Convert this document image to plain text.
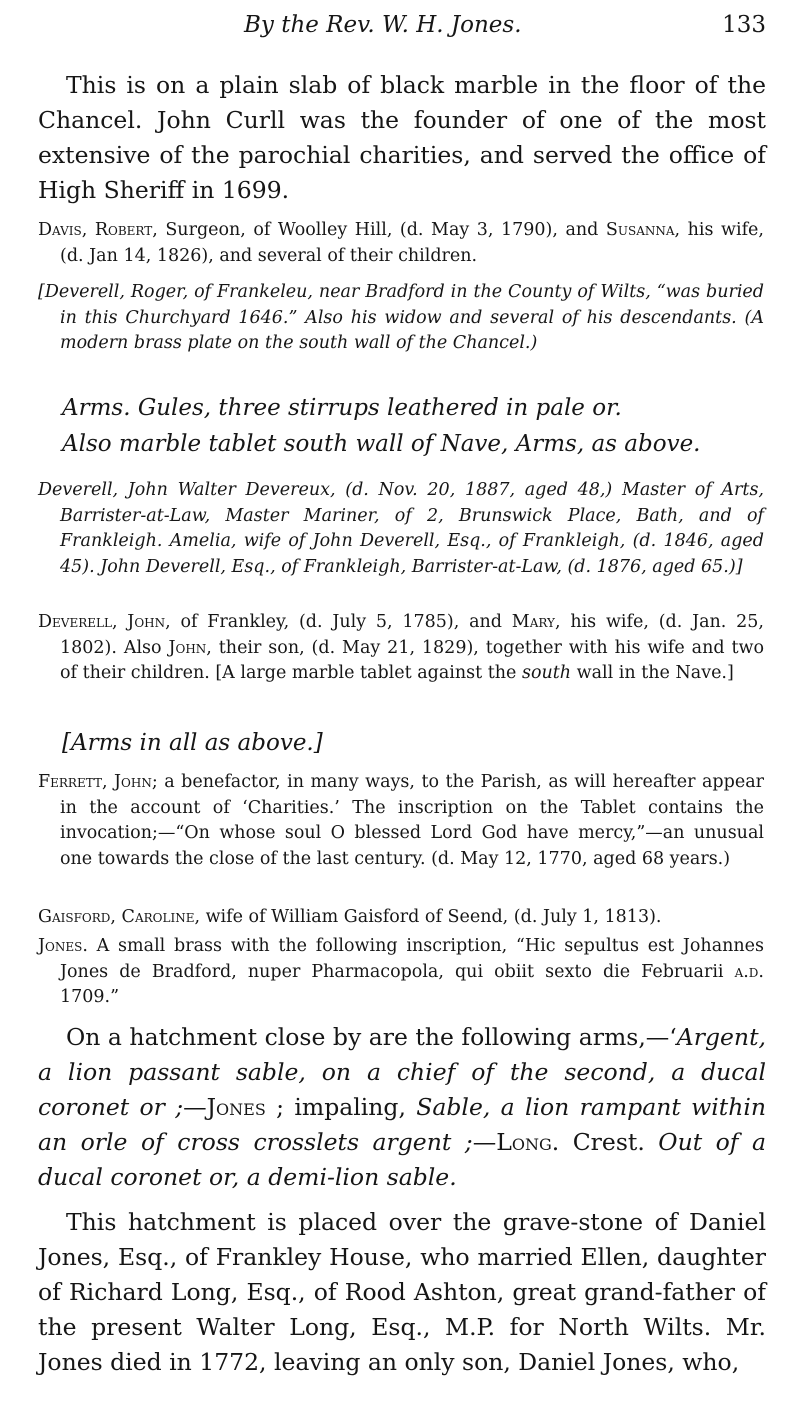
By the Rev. W. H. Jones.	133

This is on a plain slab of black marble in the floor of the Chancel. John Curll was the founder of one of the most extensive of the parochial charities, and served the office of High Sheriff in 1699.

Davis, Robert, Surgeon, of Woolley Hill, (d. May 3, 1790), and Susanna, his wife, (d. Jan 14, 1826), and several of their children.

[Deverell, Roger, of Frankeleu, near Bradford in the County of Wilts, “was buried in this Churchyard 1646.” Also his widow and several of his descendants. (A modern brass plate on the south wall of the Chancel.)

Arms. Gules, three stirrups leathered in pale or.

Also marble tablet south wall of Nave, Arms, as above.

Deverell, John Walter Devereux, (d. Nov. 20, 1887, aged 48,) Master of Arts, Barrister-at-Law, Master Mariner, of 2, Brunswick Place, Bath, and of Frankleigh. Amelia, wife of John Deverell, Esq., of Frankleigh, (d. 1846, aged 45). John Deverell, Esq., of Frankleigh, Barrister-at-Law, (d. 1876, aged 65.)]

Deverell, John, of Frankley, (d. July 5, 1785), and Mary, his wife, (d. Jan. 25, 1802). Also John, their son, (d. May 21, 1829), together with his wife and two of their children. [A large marble tablet against the south wall in the Nave.]

[Arms in all as above.]

Ferrett, John; a benefactor, in many ways, to the Parish, as will hereafter appear in the account of ‘Charities.’ The inscription on the Tablet contains the invocation;—“On whose soul O blessed Lord God have mercy,”—an unusual one towards the close of the last century. (d. May 12, 1770, aged 68 years.)

Gaisford, Caroline, wife of William Gaisford of Seend, (d. July 1, 1813).

Jones. A small brass with the following inscription, “Hic sepultus est Johannes Jones de Bradford, nuper Pharmacopola, qui obiit sexto die Februarii a.d. 1709.”

On a hatchment close by are the following arms,—‘Argent, a lion passant sable, on a chief of the second, a ducal coronet or ;—Jones ; impaling, Sable, a lion rampant within an orle of cross crosslets argent ;—Long. Crest. Out of a ducal coronet or, a demi-lion sable.

This hatchment is placed over the grave-stone of Daniel Jones, Esq., of Frankley House, who married Ellen, daughter of Richard Long, Esq., of Rood Ashton, great grand-father of the present Walter Long, Esq., M.P. for North Wilts. Mr. Jones died in 1772, leaving an only son, Daniel Jones, who,
